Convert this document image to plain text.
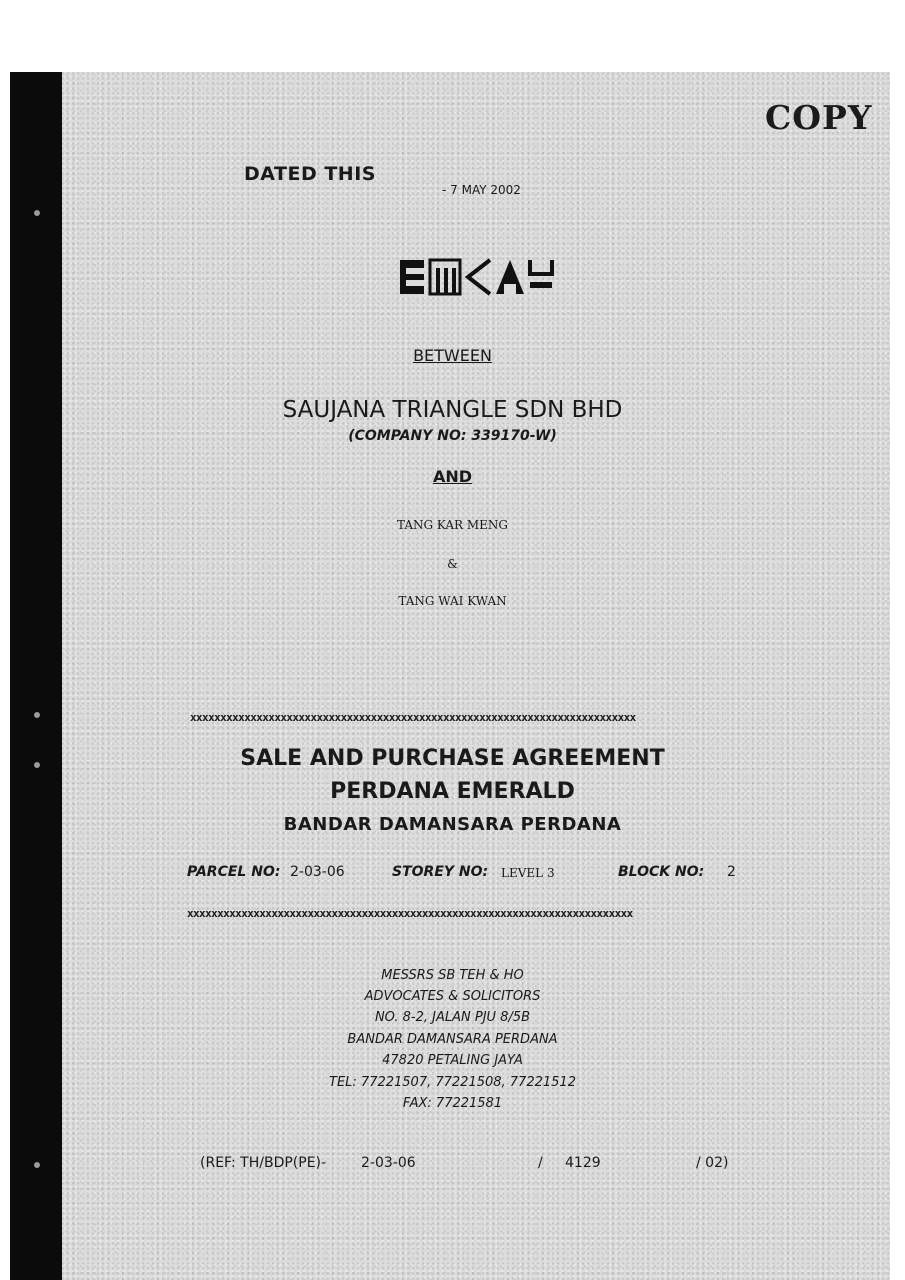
COPY
DATED THIS
- 7 MAY 2002
BETWEEN
SAUJANA TRIANGLE SDN BHD
(COMPANY NO: 339170-W)
AND
TANG KAR MENG
&
TANG WAI KWAN
xxxxxxxxxxxxxxxxxxxxxxxxxxxxxxxxxxxxxxxxxxxxxxxxxxxxxxxxxxxxxxxxxxxxxxxxxx
SALE AND PURCHASE AGREEMENT
PERDANA EMERALD
BANDAR DAMANSARA PERDANA
PARCEL NO: 2-03-06	STOREY NO: LEVEL 3	BLOCK NO: 2
xxxxxxxxxxxxxxxxxxxxxxxxxxxxxxxxxxxxxxxxxxxxxxxxxxxxxxxxxxxxxxxxxxxxxxxxxx
MESSRS SB TEH & HO
ADVOCATES & SOLICITORS
NO. 8-2, JALAN PJU 8/5B
BANDAR DAMANSARA PERDANA
47820 PETALING JAYA
TEL: 77221507, 77221508, 77221512
FAX: 77221581
(REF: TH/BDP(PE)- 2-03-06	/ 4129	/ 02)
